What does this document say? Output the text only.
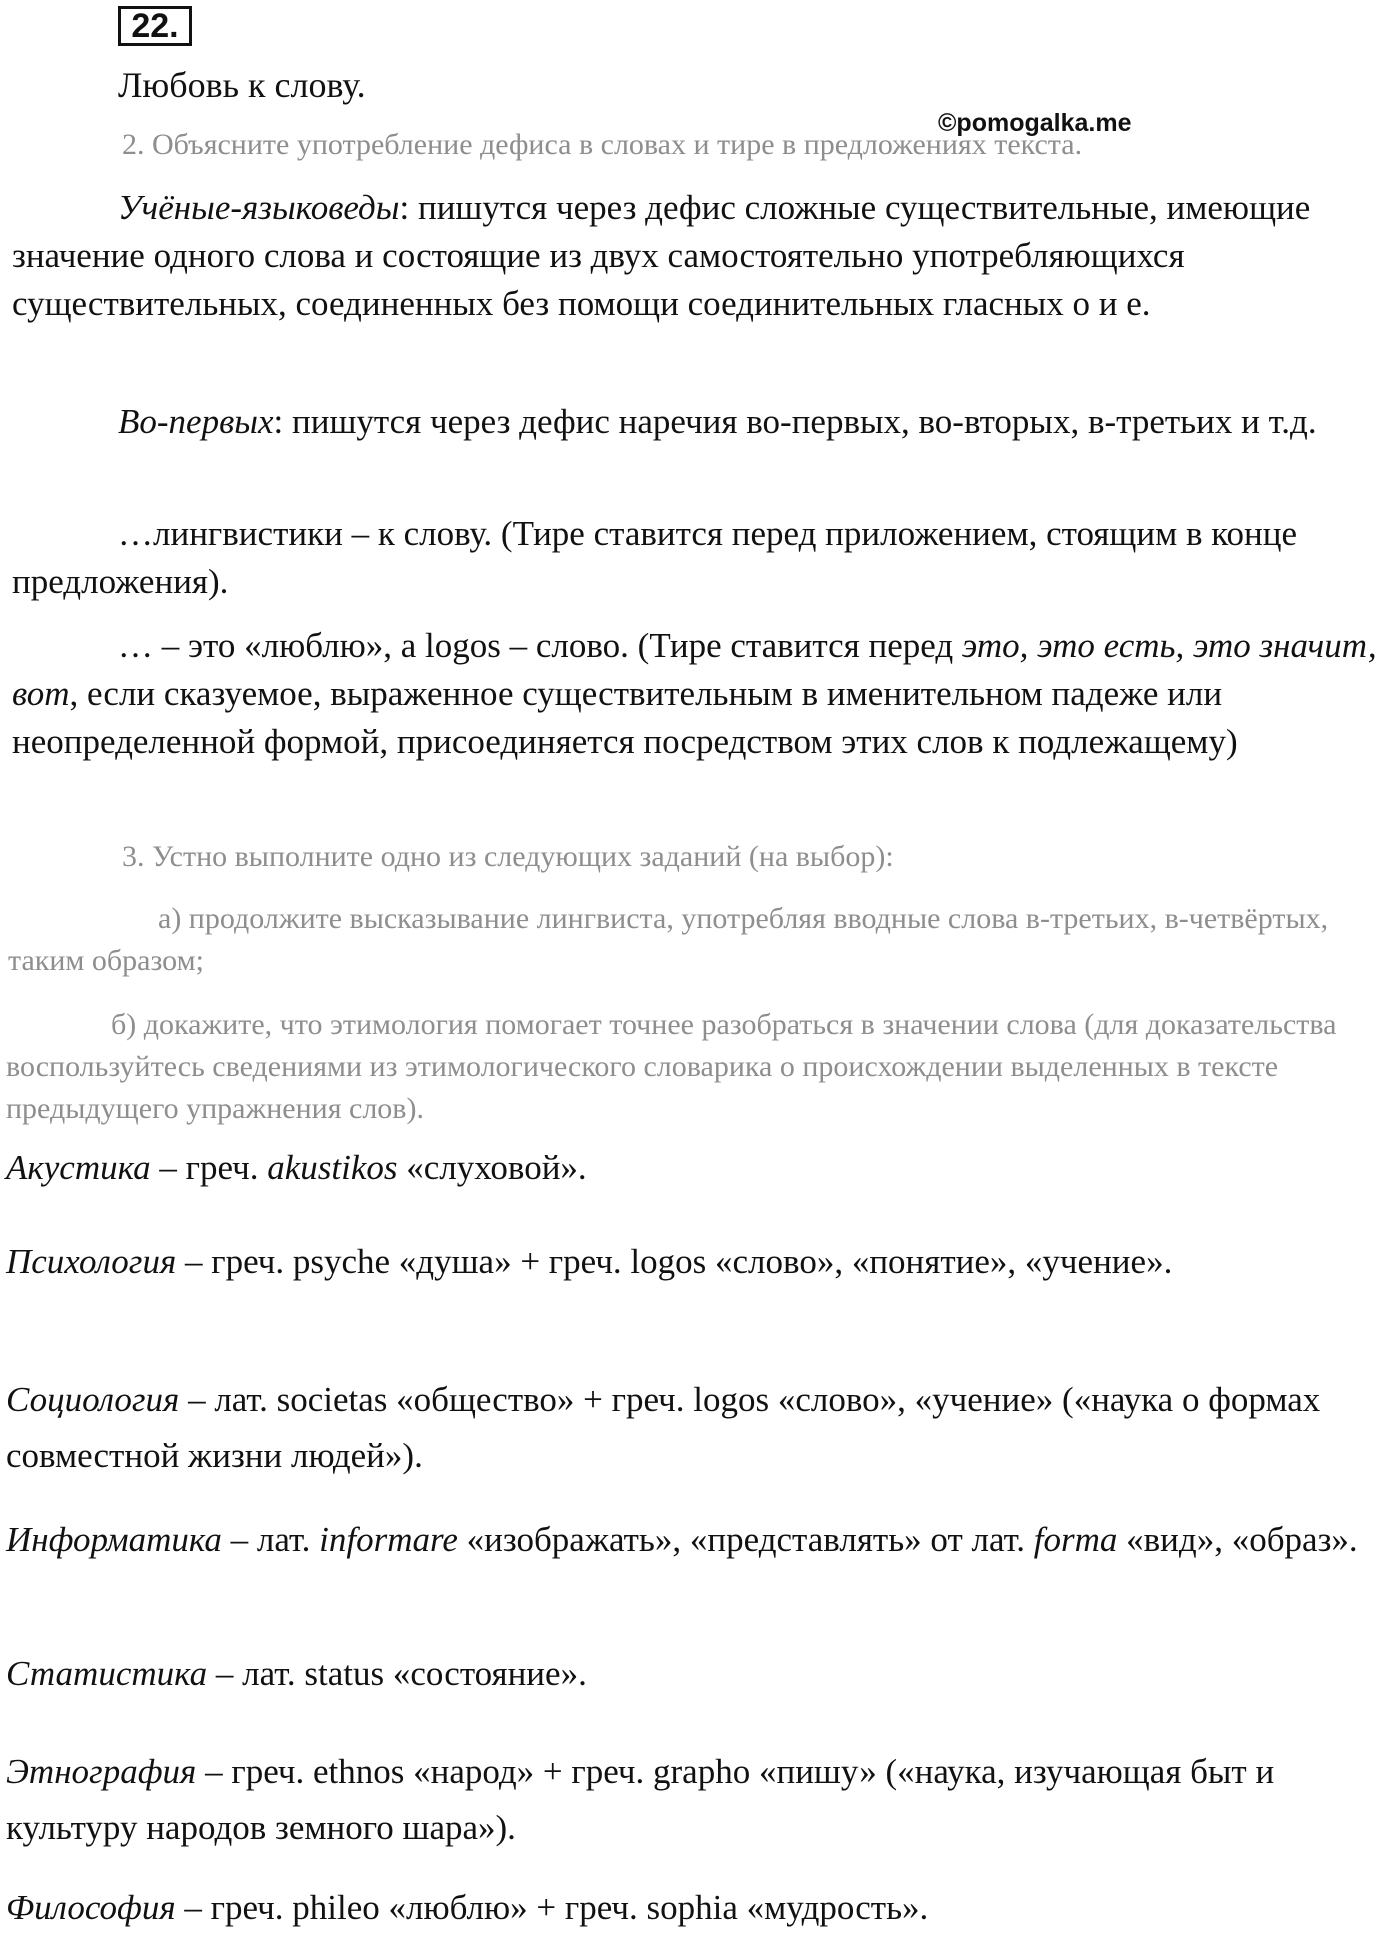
22.
Любовь к слову.
©pomogalka.me
2. Объясните употребление дефиса в словах и тире в предложениях текста.

Учёные-языковеды: пишутся через дефис сложные существительные, имеющие значение одного слова и состоящие из двух самостоятельно употребляющихся существительных, соединенных без помощи соединительных гласных о и е.

Во-первых: пишутся через дефис наречия во-первых, во-вторых, в-третьих и т.д.

…лингвистики – к слову. (Тире ставится перед приложением, стоящим в конце предложения).

… – это «люблю», а logos – слово. (Тире ставится перед это, это есть, это значит, вот, если сказуемое, выраженное существительным в именительном падеже или неопределенной формой, присоединяется посредством этих слов к подлежащему)

3. Устно выполните одно из следующих заданий (на выбор):
а) продолжите высказывание лингвиста, употребляя вводные слова в-третьих, в-четвёртых, таким образом;
б) докажите, что этимология помогает точнее разобраться в значении слова (для доказательства воспользуйтесь сведениями из этимологического словарика о происхождении выделенных в тексте предыдущего упражнения слов).

Акустика – греч. akustikos «слуховой».

Психология – греч. psyche «душа» + греч. logos «слово», «понятие», «учение».

Социология – лат. societas «общество» + греч. logos «слово», «учение» («наука о формах совместной жизни людей»).

Информатика – лат. informare «изображать», «представлять» от лат. forma «вид», «образ».

Статистика – лат. status «состояние».

Этнография – греч. ethnos «народ» + греч. grapho «пишу» («наука, изучающая быт и культуру народов земного шара»).

Философия – греч. phileo «люблю» + греч. sophia «мудрость».
